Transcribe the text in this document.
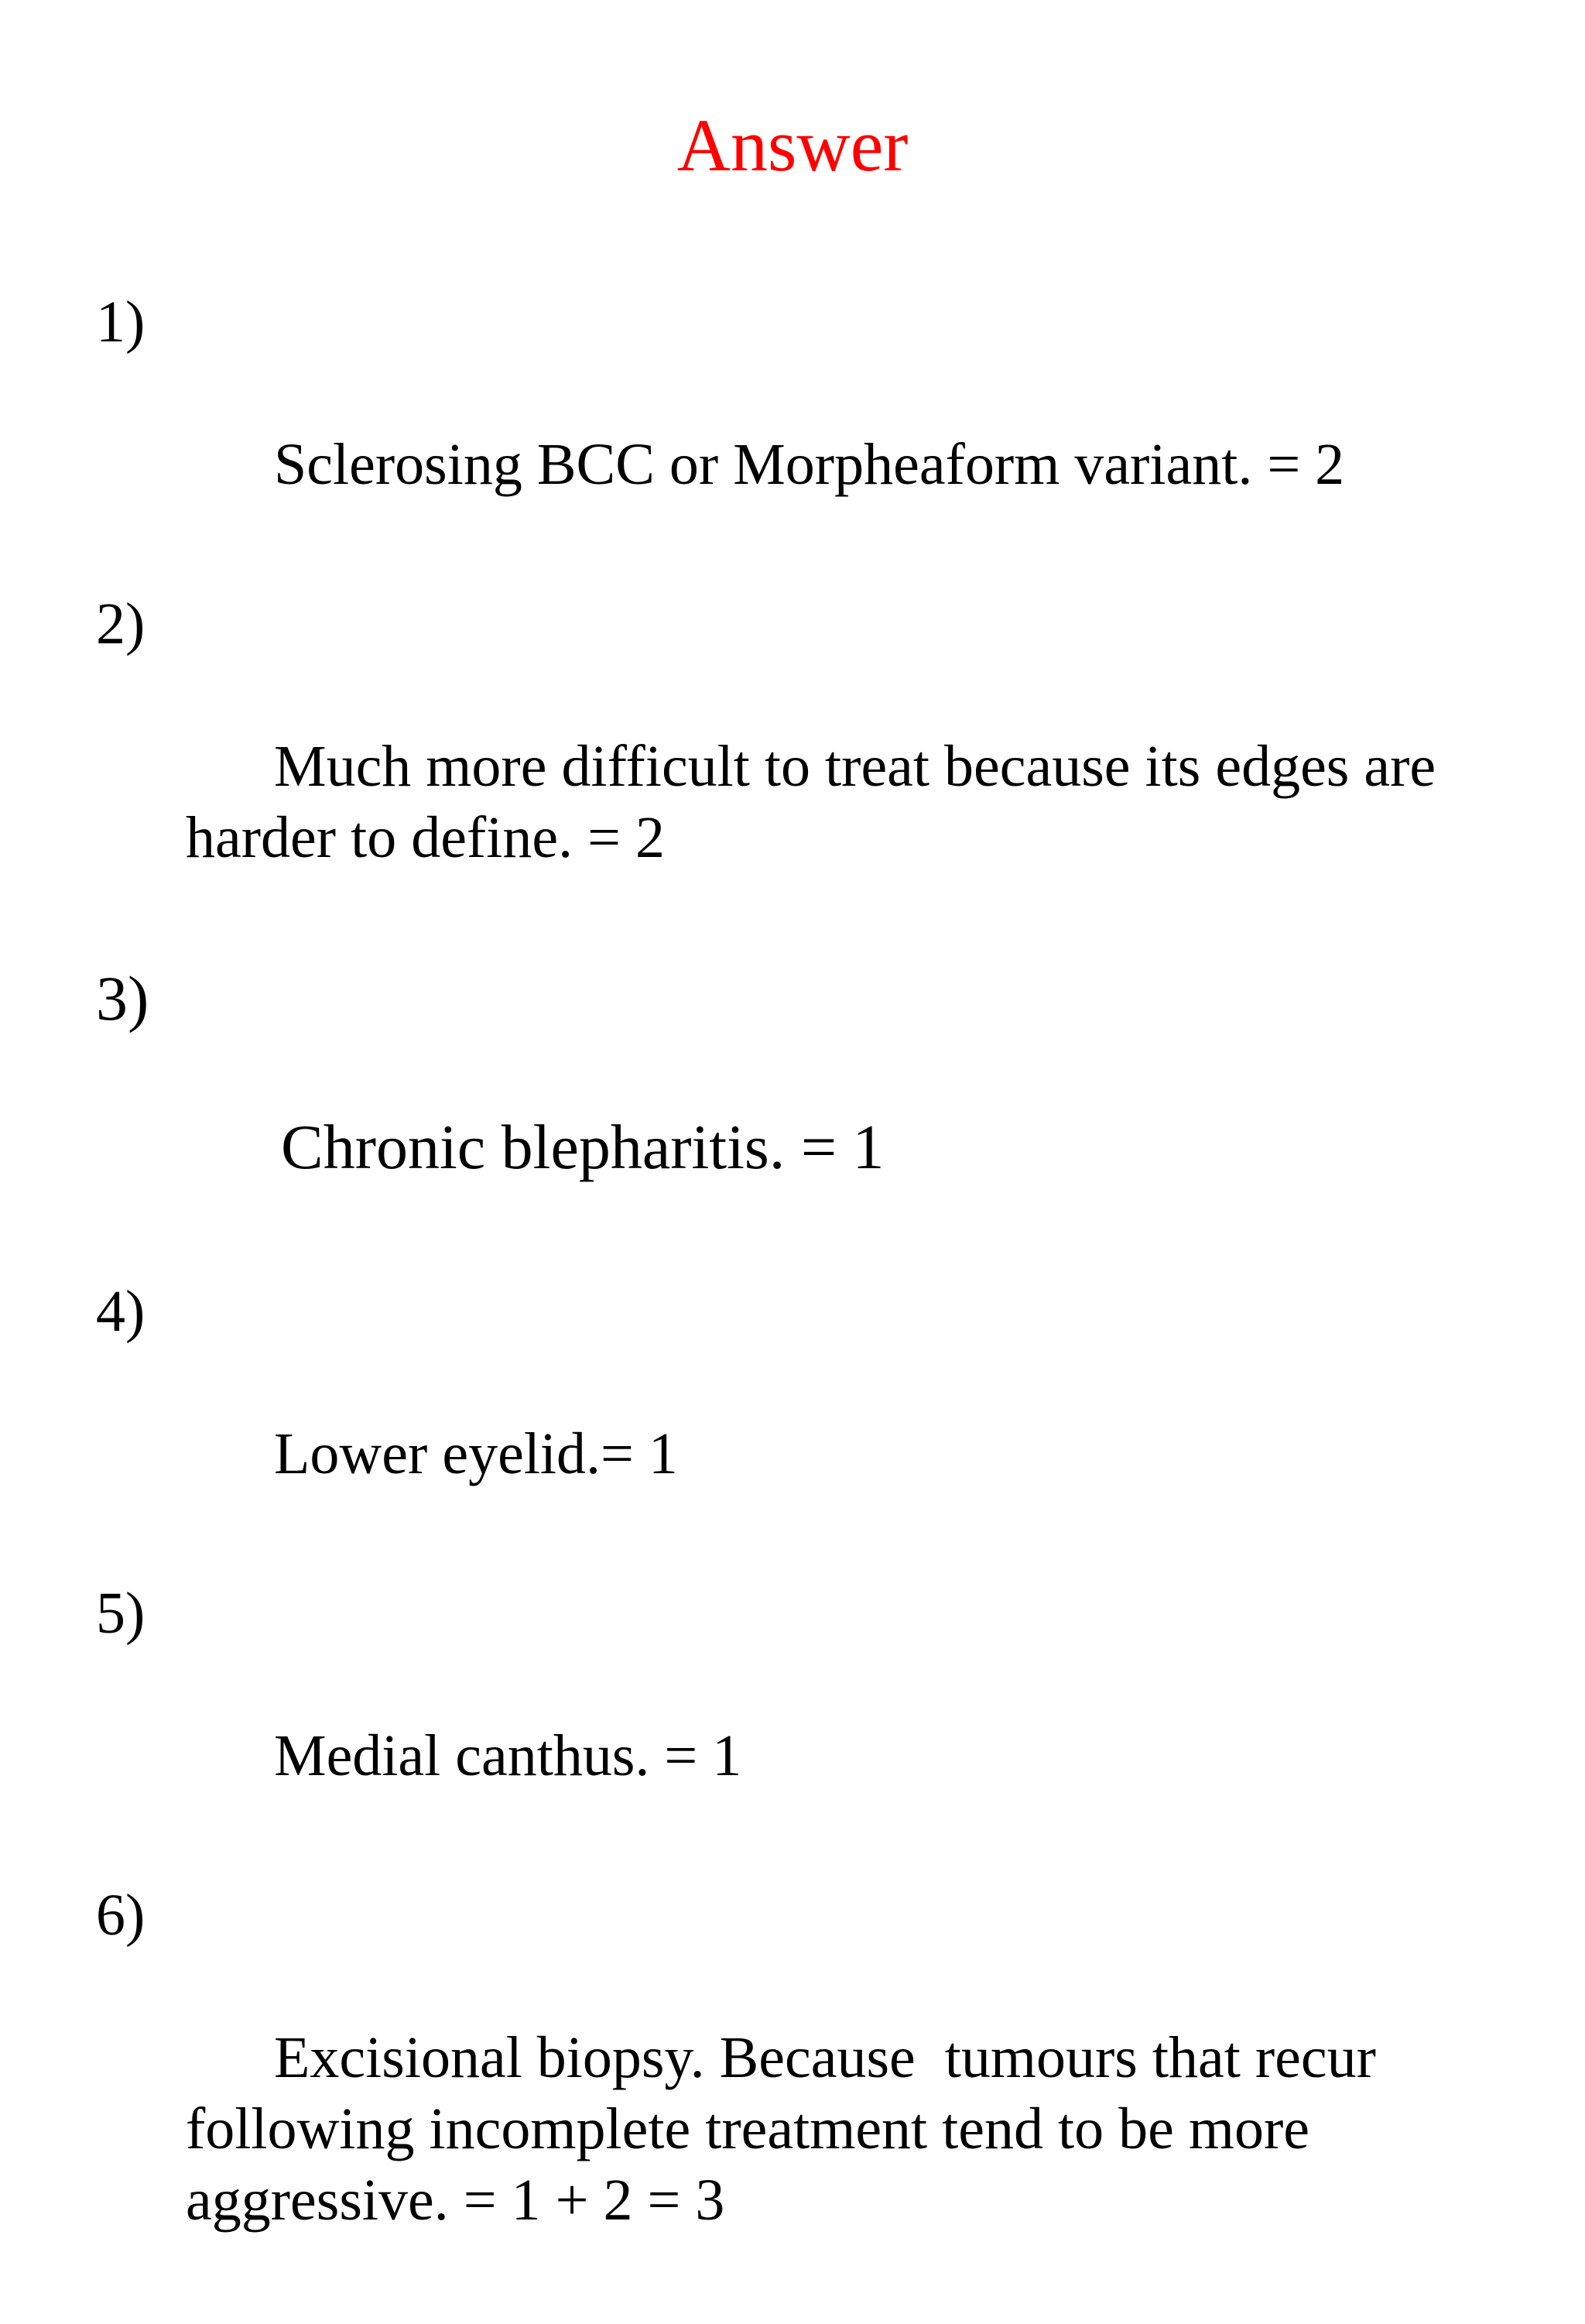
Answer

1)

Sclerosing BCC or Morpheaform variant. = 2

2)

Much more difficult to treat because its edges are harder to define. = 2

3)

Chronic blepharitis. = 1

4)

Lower eyelid.= 1

5)

Medial canthus. = 1

6)

Excisional biopsy. Because  tumours that recur following incomplete treatment tend to be more aggressive. = 1 + 2 = 3
